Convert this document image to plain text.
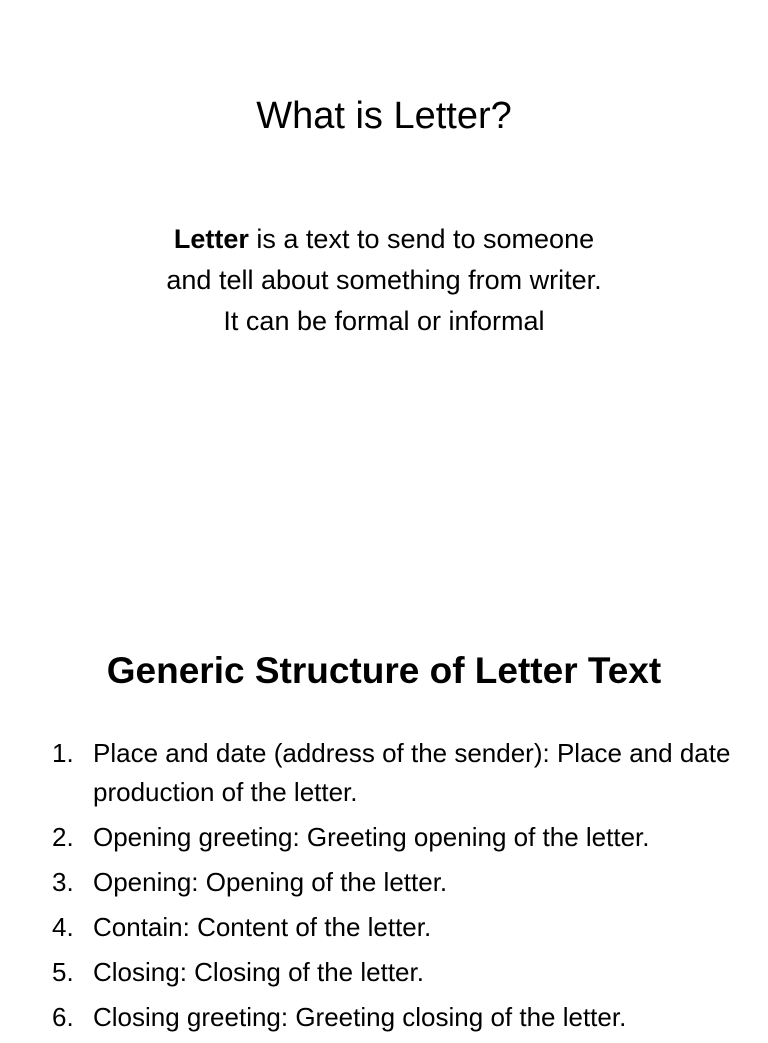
What is Letter?
Letter is a text to send to someone
and tell about something from writer.
It can be formal or informal
Generic Structure of Letter Text
1. Place and date (address of the sender): Place and date production of the letter.
2. Opening greeting: Greeting opening of the letter.
3. Opening: Opening of the letter.
4. Contain: Content of the letter.
5. Closing: Closing of the letter.
6. Closing greeting: Greeting closing of the letter.
